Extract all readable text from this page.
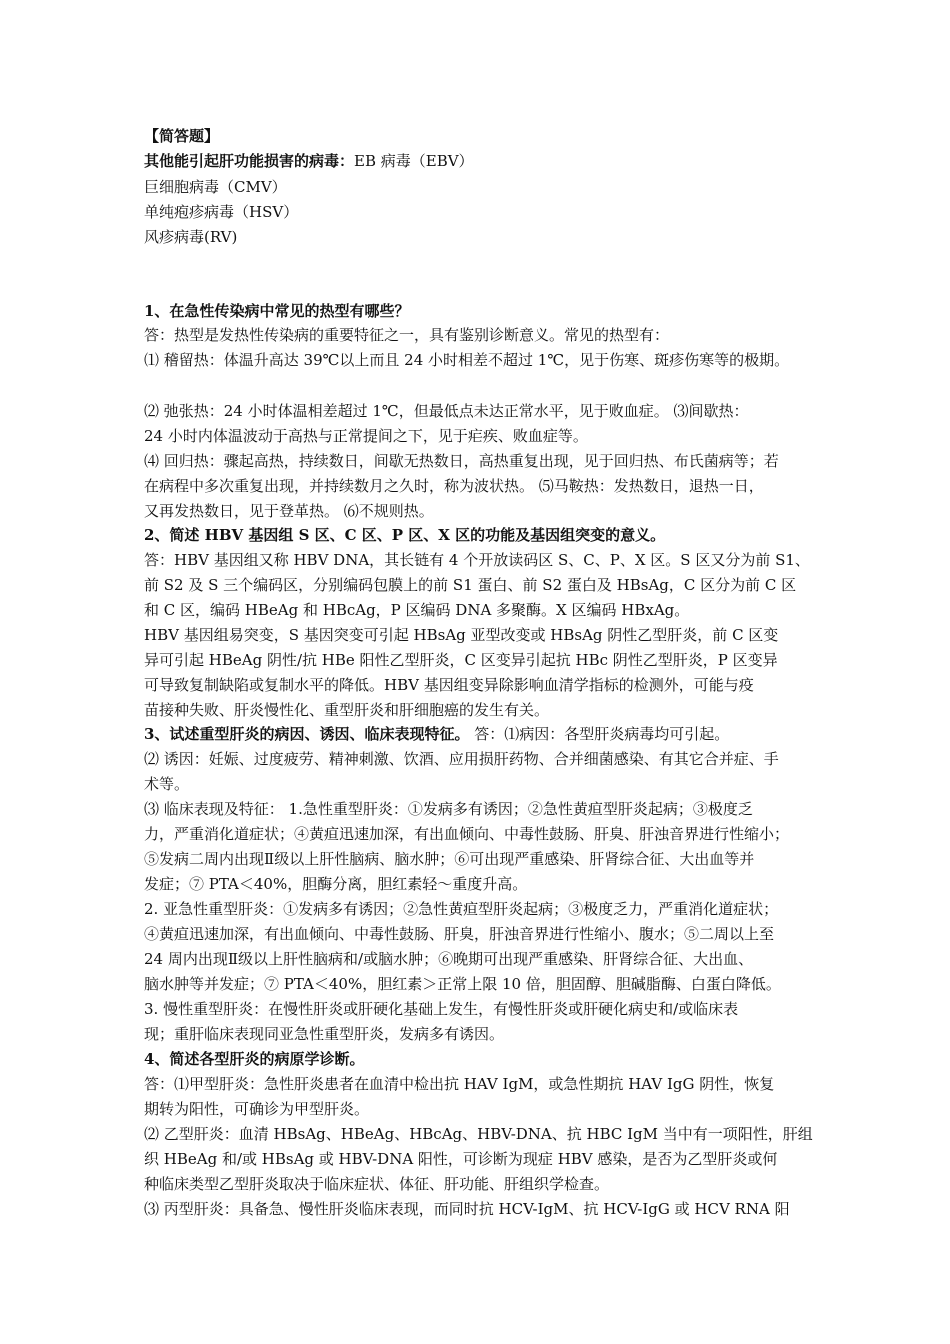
【简答题】
其他能引起肝功能损害的病毒：EB 病毒（EBV）
巨细胞病毒（CMV）
单纯疱疹病毒（HSV）
风疹病毒(RV)
1、在急性传染病中常见的热型有哪些？
答：热型是发热性传染病的重要特征之一，具有鉴别诊断意义。常见的热型有：
⑴ 稽留热：体温升高达 39℃以上而且 24 小时相差不超过 1℃，见于伤寒、斑疹伤寒等的极期。
⑵ 弛张热：24 小时体温相差超过 1℃，但最低点未达正常水平，见于败血症。 ⑶间歇热：
24 小时内体温波动于高热与正常提间之下，见于疟疾、败血症等。
⑷ 回归热：骤起高热，持续数日，间歇无热数日，高热重复出现，见于回归热、布氏菌病等；若
在病程中多次重复出现，并持续数月之久时，称为波状热。 ⑸马鞍热：发热数日，退热一日，
又再发热数日，见于登革热。 ⑹不规则热。
2、简述 HBV 基因组 S 区、C 区、P 区、X 区的功能及基因组突变的意义。
答：HBV 基因组又称 HBV DNA，其长链有 4 个开放读码区 S、C、P、X 区。S 区又分为前 S1、
前 S2 及 S 三个编码区，分别编码包膜上的前 S1 蛋白、前 S2 蛋白及 HBsAg，C 区分为前 C 区
和 C 区，编码 HBeAg 和 HBcAg，P 区编码 DNA 多聚酶。X 区编码 HBxAg。
HBV 基因组易突变，S 基因突变可引起 HBsAg 亚型改变或 HBsAg 阴性乙型肝炎，前 C 区变
异可引起 HBeAg 阴性/抗 HBe 阳性乙型肝炎，C 区变异引起抗 HBc 阴性乙型肝炎，P 区变异
可导致复制缺陷或复制水平的降低。HBV 基因组变异除影响血清学指标的检测外，可能与疫
苗接种失败、肝炎慢性化、重型肝炎和肝细胞癌的发生有关。
3、试述重型肝炎的病因、诱因、临床表现特征。 答：⑴病因：各型肝炎病毒均可引起。
⑵ 诱因：妊娠、过度疲劳、精神刺激、饮酒、应用损肝药物、合并细菌感染、有其它合并症、手
术等。
⑶ 临床表现及特征： 1.急性重型肝炎：①发病多有诱因；②急性黄疸型肝炎起病；③极度乏
力，严重消化道症状；④黄疸迅速加深，有出血倾向、中毒性鼓肠、肝臭、肝浊音界进行性缩小；
⑤发病二周内出现Ⅱ级以上肝性脑病、脑水肿；⑥可出现严重感染、肝肾综合征、大出血等并
发症；⑦ PTA＜40%，胆酶分离，胆红素轻～重度升高。
2. 亚急性重型肝炎：①发病多有诱因；②急性黄疸型肝炎起病；③极度乏力，严重消化道症状；
④黄疸迅速加深，有出血倾向、中毒性鼓肠、肝臭，肝浊音界进行性缩小、腹水；⑤二周以上至
24 周内出现Ⅱ级以上肝性脑病和/或脑水肿；⑥晚期可出现严重感染、肝肾综合征、大出血、
脑水肿等并发症；⑦ PTA＜40%，胆红素＞正常上限 10 倍，胆固醇、胆碱脂酶、白蛋白降低。
3. 慢性重型肝炎：在慢性肝炎或肝硬化基础上发生，有慢性肝炎或肝硬化病史和/或临床表
现；重肝临床表现同亚急性重型肝炎，发病多有诱因。
4、简述各型肝炎的病原学诊断。
答：⑴甲型肝炎：急性肝炎患者在血清中检出抗 HAV IgM，或急性期抗 HAV IgG 阴性，恢复
期转为阳性，可确诊为甲型肝炎。
⑵ 乙型肝炎：血清 HBsAg、HBeAg、HBcAg、HBV-DNA、抗 HBC IgM 当中有一项阳性，肝组
织 HBeAg 和/或 HBsAg 或 HBV-DNA 阳性，可诊断为现症 HBV 感染，是否为乙型肝炎或何
种临床类型乙型肝炎取决于临床症状、体征、肝功能、肝组织学检查。
⑶ 丙型肝炎：具备急、慢性肝炎临床表现，而同时抗 HCV-IgM、抗 HCV-IgG 或 HCV RNA 阳
